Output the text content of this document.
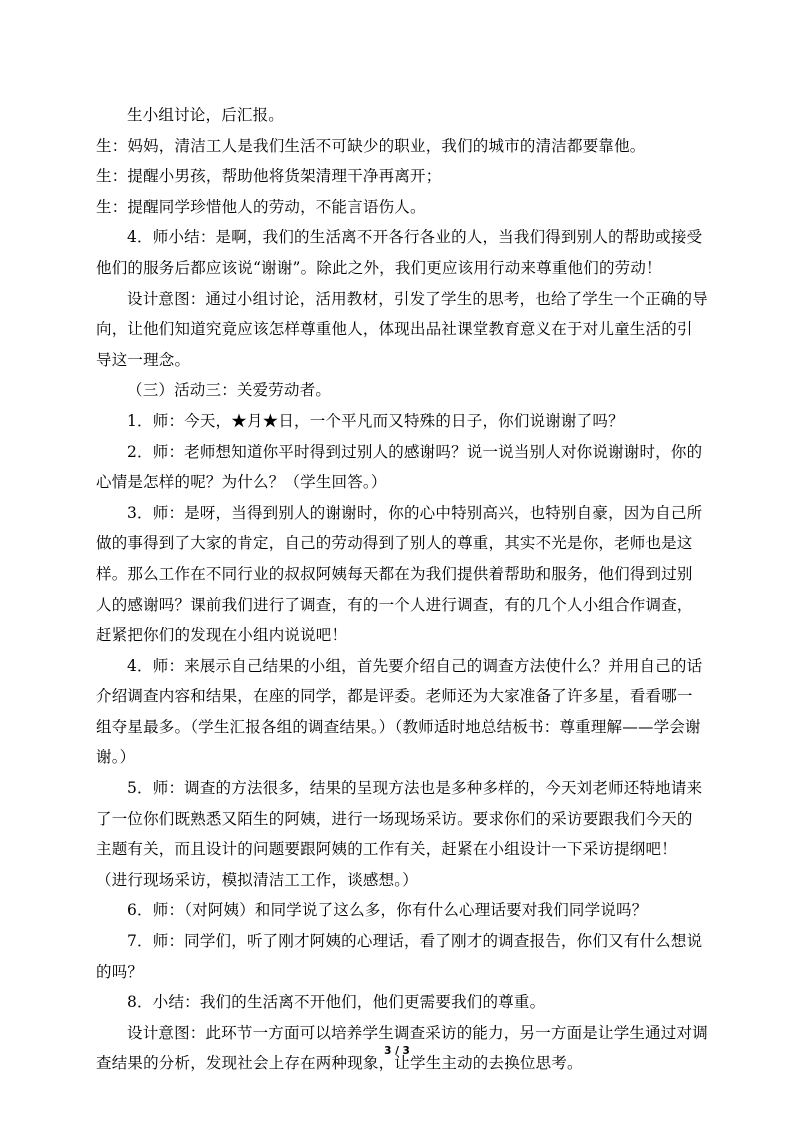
生小组讨论，后汇报。

生：妈妈，清洁工人是我们生活不可缺少的职业，我们的城市的清洁都要靠他。

生：提醒小男孩，帮助他将货架清理干净再离开；

生：提醒同学珍惜他人的劳动，不能言语伤人。

4．师小结：是啊，我们的生活离不开各行各业的人，当我们得到别人的帮助或接受他们的服务后都应该说“谢谢”。除此之外，我们更应该用行动来尊重他们的劳动！

设计意图：通过小组讨论，活用教材，引发了学生的思考，也给了学生一个正确的导向，让他们知道究竟应该怎样尊重他人，体现出品社课堂教育意义在于对儿童生活的引导这一理念。

（三）活动三：关爱劳动者。

1．师：今天，★月★日，一个平凡而又特殊的日子，你们说谢谢了吗？

2．师：老师想知道你平时得到过别人的感谢吗？说一说当别人对你说谢谢时，你的心情是怎样的呢？为什么？（学生回答。）

3．师：是呀，当得到别人的谢谢时，你的心中特别高兴，也特别自豪，因为自己所做的事得到了大家的肯定，自己的劳动得到了别人的尊重，其实不光是你，老师也是这样。那么工作在不同行业的叔叔阿姨每天都在为我们提供着帮助和服务，他们得到过别人的感谢吗？课前我们进行了调查，有的一个人进行调查，有的几个人小组合作调查，赶紧把你们的发现在小组内说说吧！

4．师：来展示自己结果的小组，首先要介绍自己的调查方法使什么？并用自己的话介绍调查内容和结果，在座的同学，都是评委。老师还为大家准备了许多星，看看哪一组夺星最多。（学生汇报各组的调查结果。）（教师适时地总结板书：尊重理解——学会谢谢。）

5．师：调查的方法很多，结果的呈现方法也是多种多样的，今天刘老师还特地请来了一位你们既熟悉又陌生的阿姨，进行一场现场采访。要求你们的采访要跟我们今天的主题有关，而且设计的问题要跟阿姨的工作有关，赶紧在小组设计一下采访提纲吧！（进行现场采访，模拟清洁工工作，谈感想。）

6．师：（对阿姨）和同学说了这么多，你有什么心理话要对我们同学说吗？

7．师：同学们，听了刚才阿姨的心理话，看了刚才的调查报告，你们又有什么想说的吗？

8．小结：我们的生活离不开他们，他们更需要我们的尊重。

设计意图：此环节一方面可以培养学生调查采访的能力，另一方面是让学生通过对调查结果的分析，发现社会上存在两种现象，让学生主动的去换位思考。

3 / 3
